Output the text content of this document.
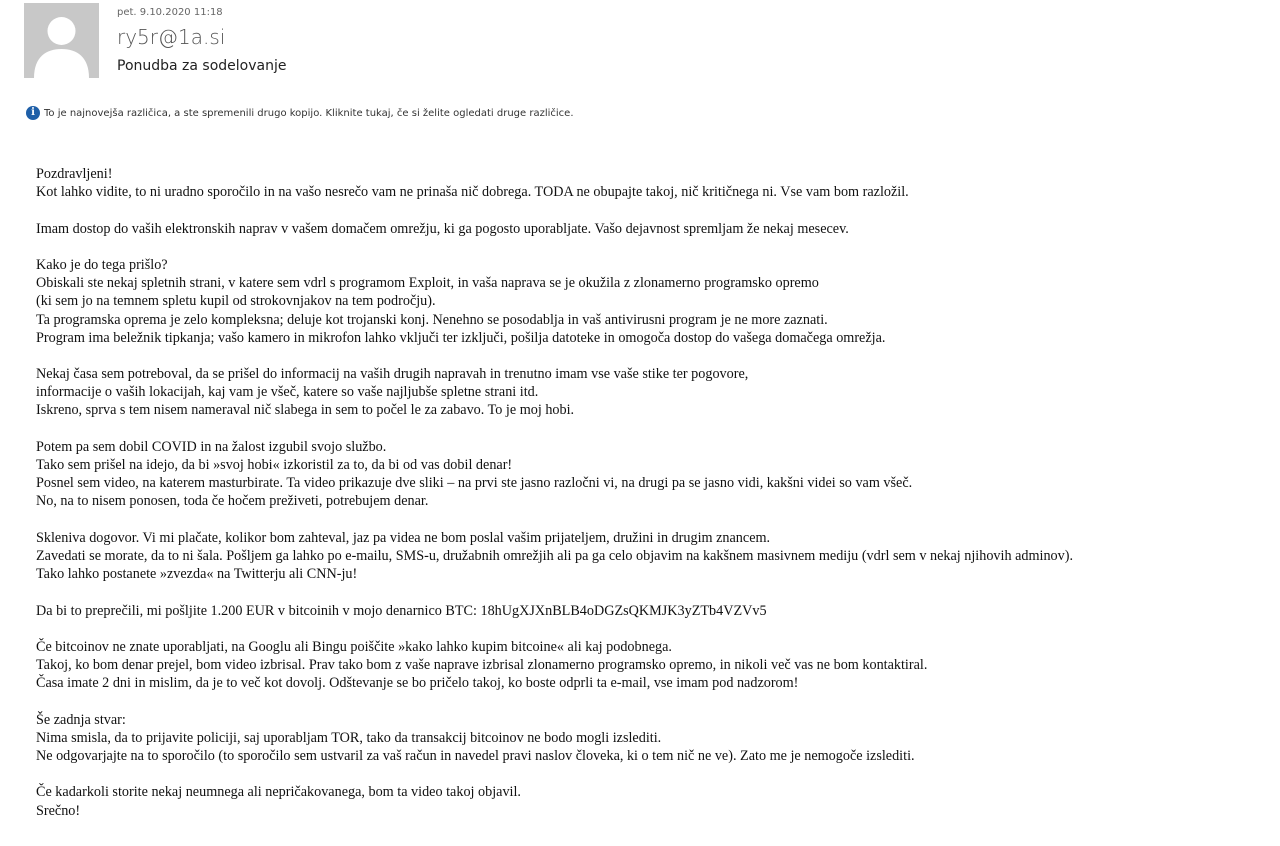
pet. 9.10.2020 11:18
ry5r@1a.si
Ponudba za sodelovanje
i To je najnovejša različica, a ste spremenili drugo kopijo. Kliknite tukaj, če si želite ogledati druge različice.
Pozdravljeni!
Kot lahko vidite, to ni uradno sporočilo in na vašo nesrečo vam ne prinaša nič dobrega. TODA ne obupajte takoj, nič kritičnega ni. Vse vam bom razložil.
Imam dostop do vaših elektronskih naprav v vašem domačem omrežju, ki ga pogosto uporabljate. Vašo dejavnost spremljam že nekaj mesecev.
Kako je do tega prišlo?
Obiskali ste nekaj spletnih strani, v katere sem vdrl s programom Exploit, in vaša naprava se je okužila z zlonamerno programsko opremo
(ki sem jo na temnem spletu kupil od strokovnjakov na tem področju).
Ta programska oprema je zelo kompleksna; deluje kot trojanski konj. Nenehno se posodablja in vaš antivirusni program je ne more zaznati.
Program ima beležnik tipkanja; vašo kamero in mikrofon lahko vključi ter izključi, pošilja datoteke in omogoča dostop do vašega domačega omrežja.
Nekaj časa sem potreboval, da se prišel do informacij na vaših drugih napravah in trenutno imam vse vaše stike ter pogovore,
informacije o vaših lokacijah, kaj vam je všeč, katere so vaše najljubše spletne strani itd.
Iskreno, sprva s tem nisem nameraval nič slabega in sem to počel le za zabavo. To je moj hobi.
Potem pa sem dobil COVID in na žalost izgubil svojo službo.
Tako sem prišel na idejo, da bi »svoj hobi« izkoristil za to, da bi od vas dobil denar!
Posnel sem video, na katerem masturbirate. Ta video prikazuje dve sliki – na prvi ste jasno razločni vi, na drugi pa se jasno vidi, kakšni videi so vam všeč.
No, na to nisem ponosen, toda če hočem preživeti, potrebujem denar.
Skleniva dogovor. Vi mi plačate, kolikor bom zahteval, jaz pa videa ne bom poslal vašim prijateljem, družini in drugim znancem.
Zavedati se morate, da to ni šala. Pošljem ga lahko po e-mailu, SMS-u, družabnih omrežjih ali pa ga celo objavim na kakšnem masivnem mediju (vdrl sem v nekaj njihovih adminov).
Tako lahko postanete »zvezda« na Twitterju ali CNN-ju!
Da bi to preprečili, mi pošljite 1.200 EUR v bitcoinih v mojo denarnico BTC: 18hUgXJXnBLB4oDGZsQKMJK3yZTb4VZVv5
Če bitcoinov ne znate uporabljati, na Googlu ali Bingu poiščite »kako lahko kupim bitcoine« ali kaj podobnega.
Takoj, ko bom denar prejel, bom video izbrisal. Prav tako bom z vaše naprave izbrisal zlonamerno programsko opremo, in nikoli več vas ne bom kontaktiral.
Časa imate 2 dni in mislim, da je to več kot dovolj. Odštevanje se bo pričelo takoj, ko boste odprli ta e-mail, vse imam pod nadzorom!
Še zadnja stvar:
Nima smisla, da to prijavite policiji, saj uporabljam TOR, tako da transakcij bitcoinov ne bodo mogli izslediti.
Ne odgovarjajte na to sporočilo (to sporočilo sem ustvaril za vaš račun in navedel pravi naslov človeka, ki o tem nič ne ve). Zato me je nemogoče izslediti.
Če kadarkoli storite nekaj neumnega ali nepričakovanega, bom ta video takoj objavil.
Srečno!
